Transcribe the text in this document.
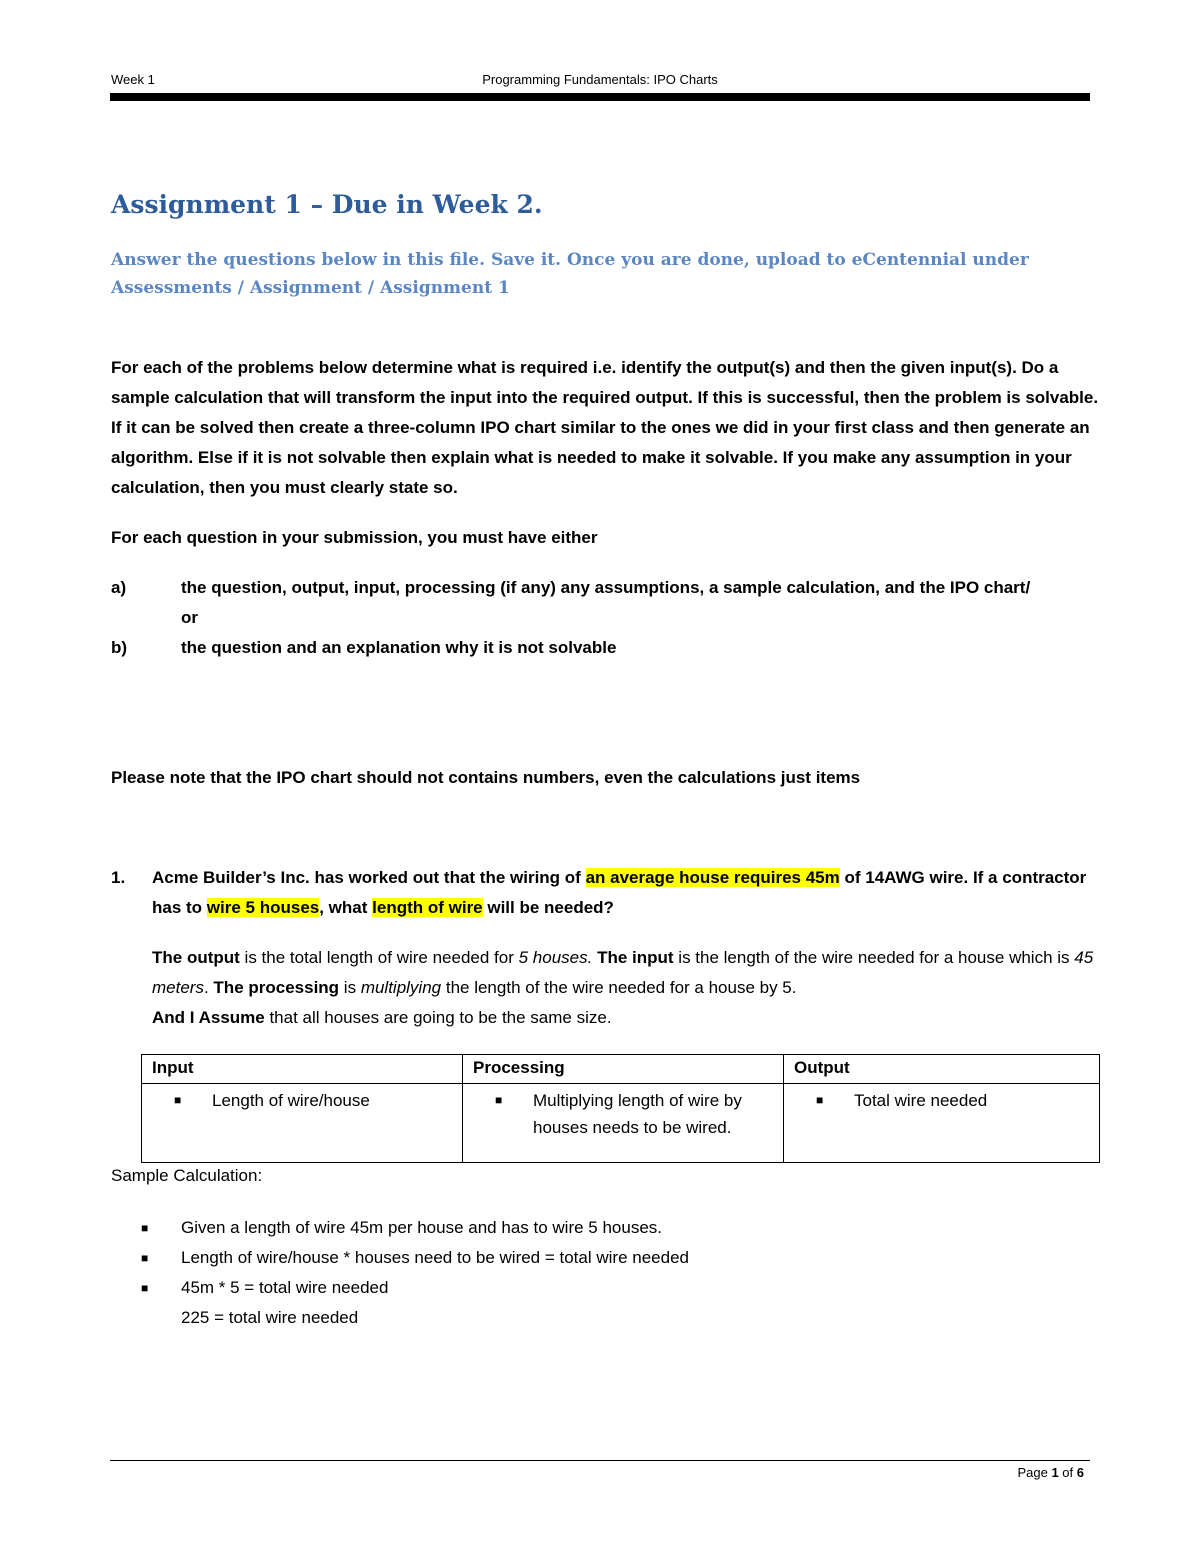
Week 1	Programming Fundamentals: IPO Charts
Assignment 1 – Due in Week 2.
Answer the questions below in this file. Save it. Once you are done, upload to eCentennial under Assessments / Assignment / Assignment 1
For each of the problems below determine what is required i.e. identify the output(s) and then the given input(s). Do a sample calculation that will transform the input into the required output. If this is successful, then the problem is solvable. If it can be solved then create a three-column IPO chart similar to the ones we did in your first class and then generate an algorithm. Else if it is not solvable then explain what is needed to make it solvable. If you make any assumption in your calculation, then you must clearly state so.
For each question in your submission, you must have either
a)	the question, output, input, processing (if any) any assumptions, a sample calculation, and the IPO chart/
or
b)	the question and an explanation why it is not solvable
Please note that the IPO chart should not contains numbers, even the calculations just items
1.	Acme Builder’s Inc. has worked out that the wiring of an average house requires 45m of 14AWG wire. If a contractor has to wire 5 houses, what length of wire will be needed?
The output is the total length of wire needed for 5 houses. The input is the length of the wire needed for a house which is 45 meters. The processing is multiplying the length of the wire needed for a house by 5.
And I Assume that all houses are going to be the same size.
Input	Processing	Output

■ Length of wire/house	■ Multiplying length of wire by houses needs to be wired.	■ Total wire needed
Sample Calculation:
■	Given a length of wire 45m per house and has to wire 5 houses.
■	Length of wire/house * houses need to be wired = total wire needed
■	45m * 5 = total wire needed
225 = total wire needed
Page 1 of 6
